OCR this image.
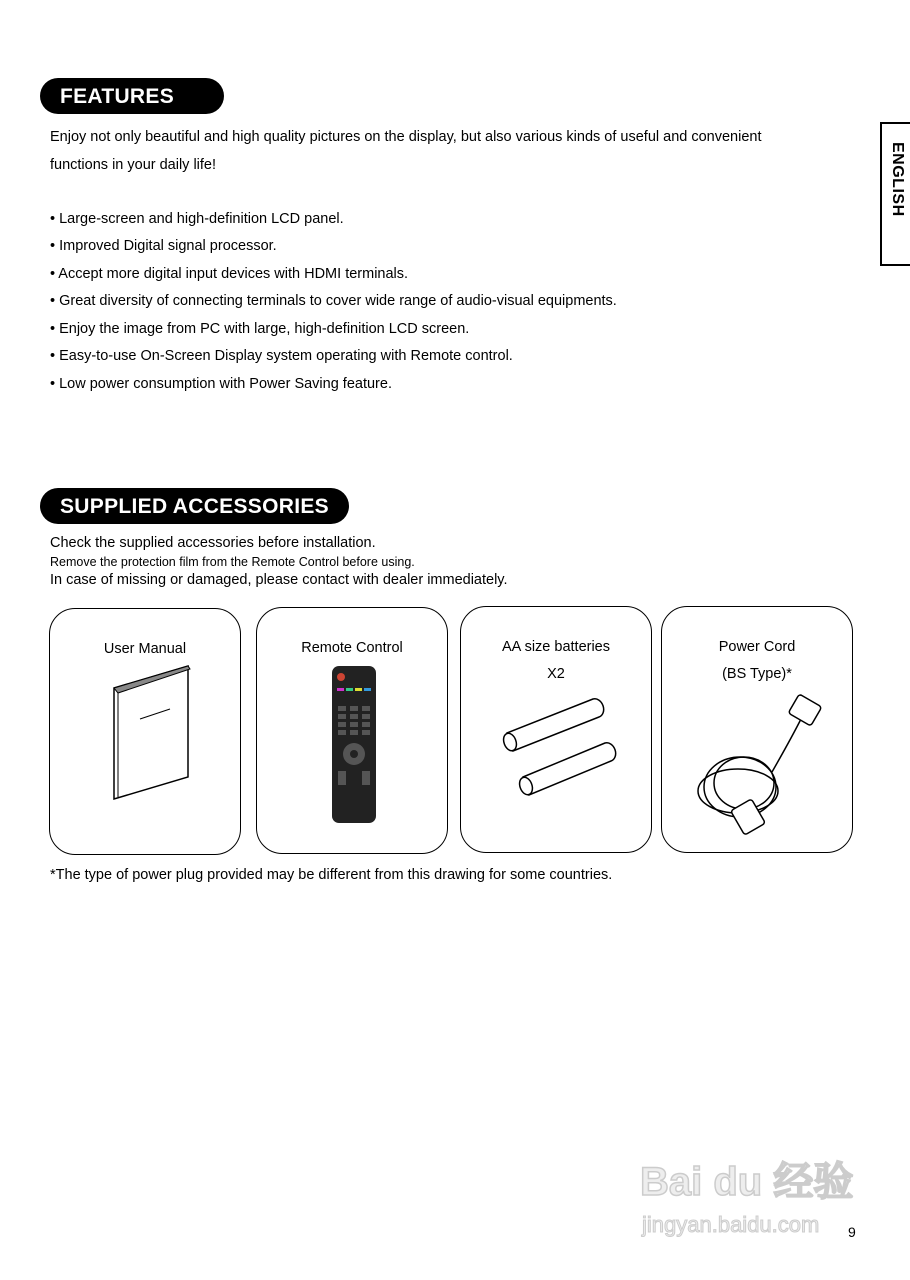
ENGLISH
FEATURES
Enjoy not only beautiful and high quality pictures on the display, but also various kinds of useful and convenient
functions in your daily life!
• Large-screen and high-definition LCD panel.
• Improved Digital signal processor.
• Accept more digital input devices with HDMI terminals.
• Great diversity of connecting terminals to cover wide range of audio-visual equipments.
• Enjoy the image from PC with large, high-definition LCD screen.
• Easy-to-use On-Screen Display system operating with Remote control.
• Low power consumption with Power Saving feature.
SUPPLIED ACCESSORIES
Check the supplied accessories before installation.
Remove the protection film from the Remote Control before using.
In case of missing or damaged, please contact with dealer immediately.
User Manual	Remote Control	AA size batteries
X2
Power Cord
(BS Type)*
*The type of power plug provided may be different from this drawing for some countries.
Bai du 经验
jingyan.baidu.com 9
